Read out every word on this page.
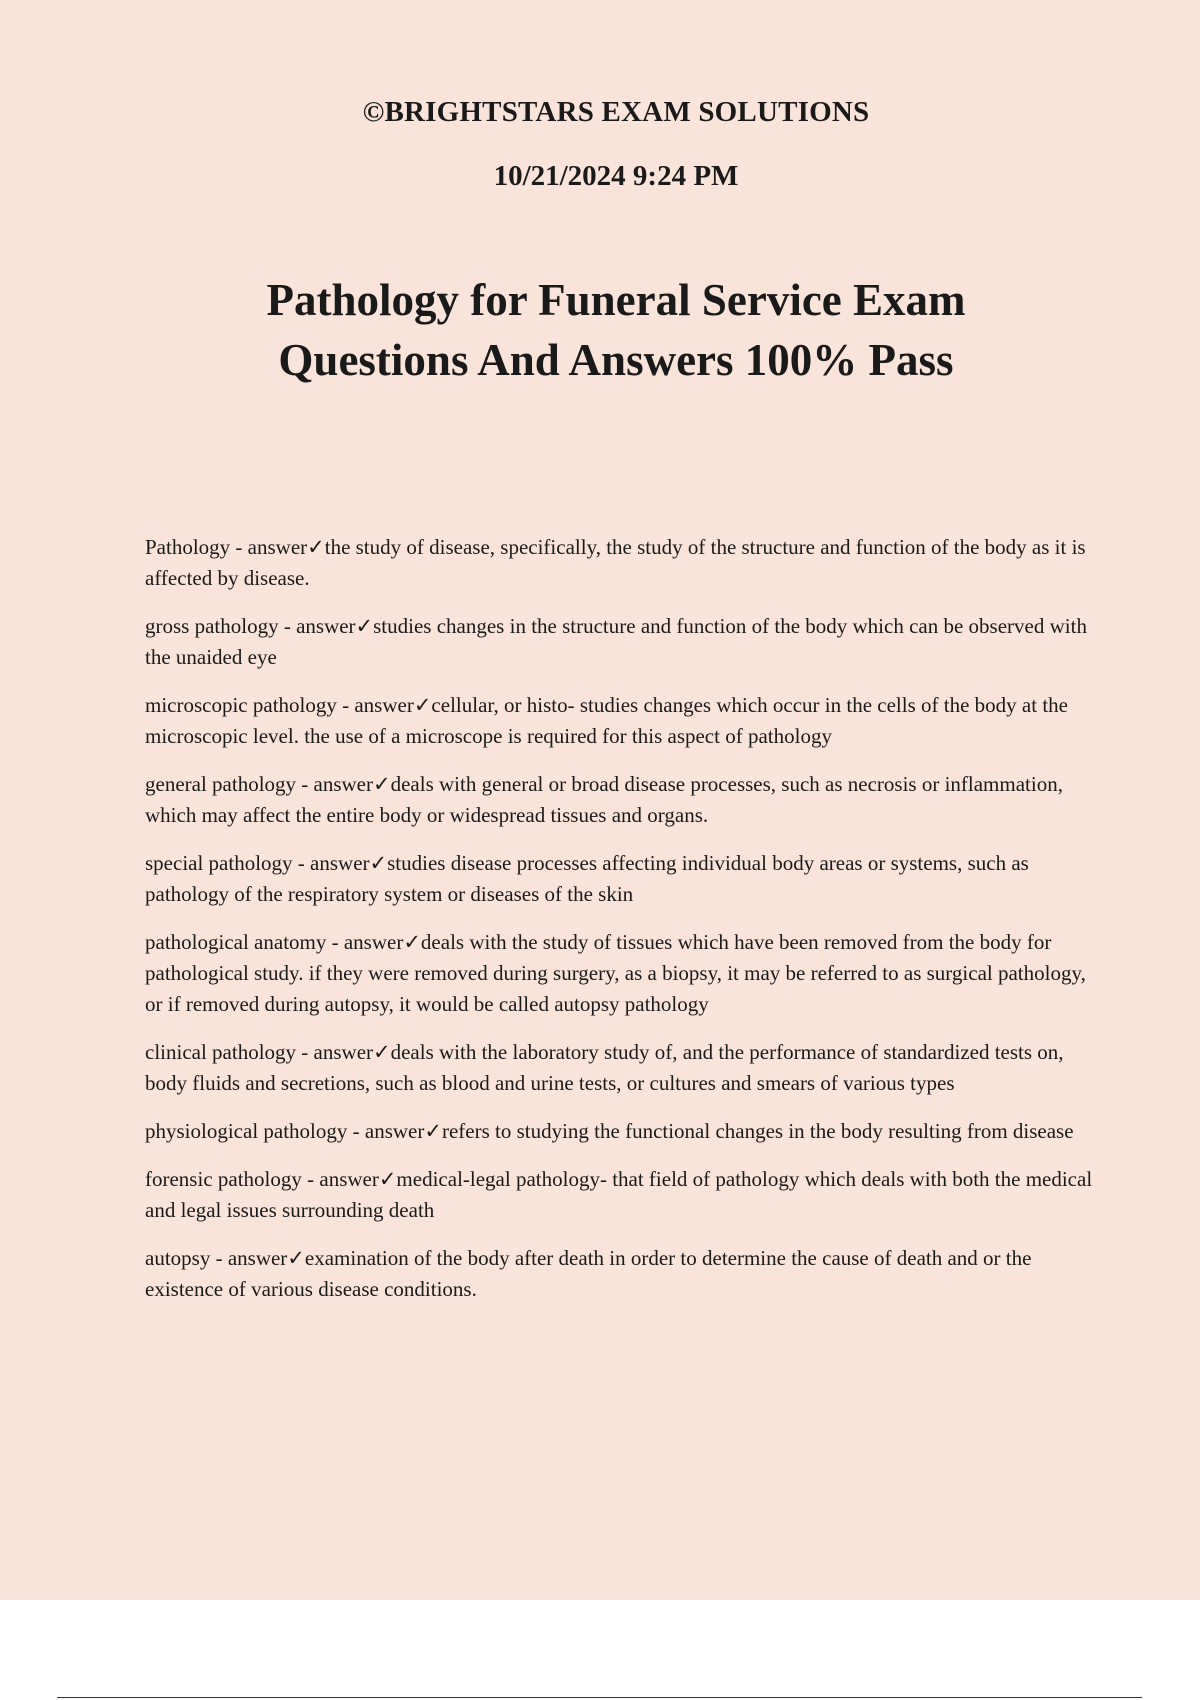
©BRIGHTSTARS EXAM SOLUTIONS
10/21/2024 9:24 PM
Pathology for Funeral Service Exam
Questions And Answers 100% Pass

Pathology - answer✓the study of disease, specifically, the study of the structure and function of the body as it is affected by disease.

gross pathology - answer✓studies changes in the structure and function of the body which can be observed with the unaided eye

microscopic pathology - answer✓cellular, or histo- studies changes which occur in the cells of the body at the microscopic level. the use of a microscope is required for this aspect of pathology

general pathology - answer✓deals with general or broad disease processes, such as necrosis or inflammation, which may affect the entire body or widespread tissues and organs.

special pathology - answer✓studies disease processes affecting individual body areas or systems, such as pathology of the respiratory system or diseases of the skin

pathological anatomy - answer✓deals with the study of tissues which have been removed from the body for pathological study. if they were removed during surgery, as a biopsy, it may be referred to as surgical pathology, or if removed during autopsy, it would be called autopsy pathology

clinical pathology - answer✓deals with the laboratory study of, and the performance of standardized tests on, body fluids and secretions, such as blood and urine tests, or cultures and smears of various types

physiological pathology - answer✓refers to studying the functional changes in the body resulting from disease

forensic pathology - answer✓medical-legal pathology- that field of pathology which deals with both the medical and legal issues surrounding death

autopsy - answer✓examination of the body after death in order to determine the cause of death and or the existence of various disease conditions.
